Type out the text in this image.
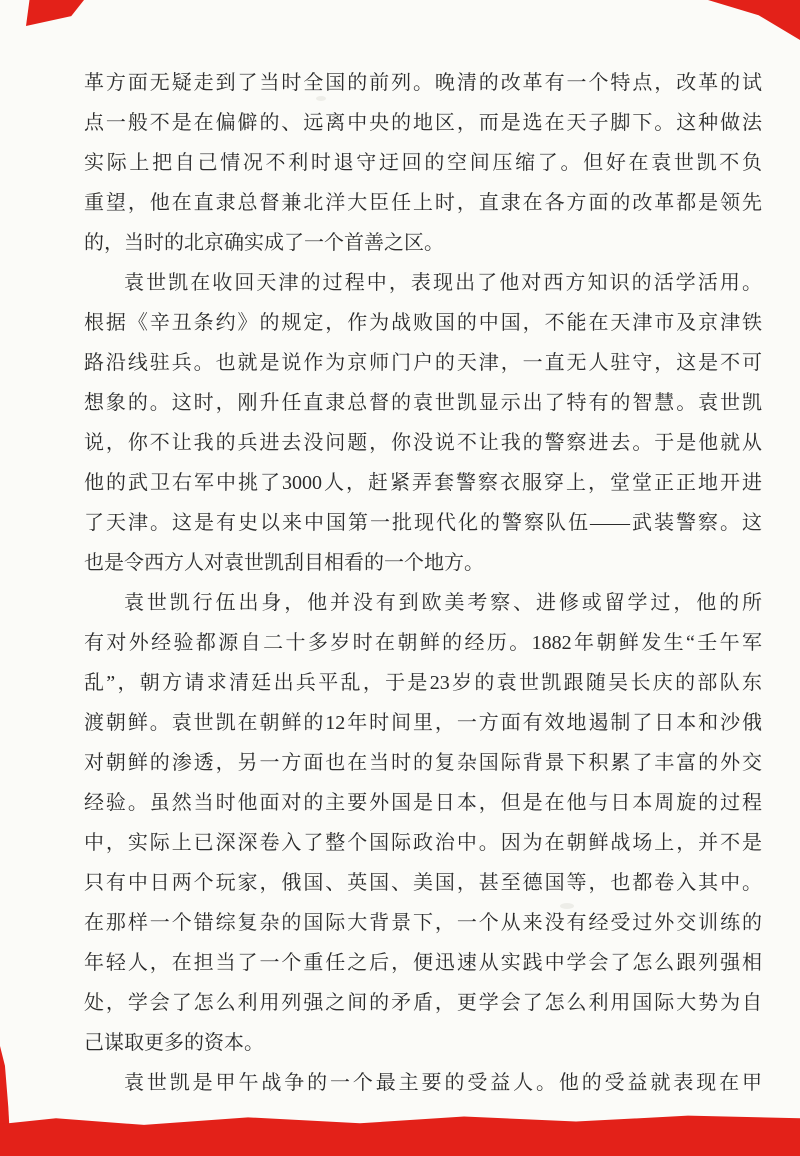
革方面无疑走到了当时全国的前列。晚清的改革有一个特点，改革的试
点一般不是在偏僻的、远离中央的地区，而是选在天子脚下。这种做法
实际上把自己情况不利时退守迂回的空间压缩了。但好在袁世凯不负
重望，他在直隶总督兼北洋大臣任上时，直隶在各方面的改革都是领先
的，当时的北京确实成了一个首善之区。
袁世凯在收回天津的过程中，表现出了他对西方知识的活学活用。
根据《辛丑条约》的规定，作为战败国的中国，不能在天津市及京津铁
路沿线驻兵。也就是说作为京师门户的天津，一直无人驻守，这是不可
想象的。这时，刚升任直隶总督的袁世凯显示出了特有的智慧。袁世凯
说，你不让我的兵进去没问题，你没说不让我的警察进去。于是他就从
他的武卫右军中挑了3000人，赶紧弄套警察衣服穿上，堂堂正正地开进
了天津。这是有史以来中国第一批现代化的警察队伍——武装警察。这
也是令西方人对袁世凯刮目相看的一个地方。
袁世凯行伍出身，他并没有到欧美考察、进修或留学过，他的所
有对外经验都源自二十多岁时在朝鲜的经历。1882年朝鲜发生“壬午军
乱”，朝方请求清廷出兵平乱，于是23岁的袁世凯跟随吴长庆的部队东
渡朝鲜。袁世凯在朝鲜的12年时间里，一方面有效地遏制了日本和沙俄
对朝鲜的渗透，另一方面也在当时的复杂国际背景下积累了丰富的外交
经验。虽然当时他面对的主要外国是日本，但是在他与日本周旋的过程
中，实际上已深深卷入了整个国际政治中。因为在朝鲜战场上，并不是
只有中日两个玩家，俄国、英国、美国，甚至德国等，也都卷入其中。
在那样一个错综复杂的国际大背景下，一个从来没有经受过外交训练的
年轻人，在担当了一个重任之后，便迅速从实践中学会了怎么跟列强相
处，学会了怎么利用列强之间的矛盾，更学会了怎么利用国际大势为自
己谋取更多的资本。
袁世凯是甲午战争的一个最主要的受益人。他的受益就表现在甲
